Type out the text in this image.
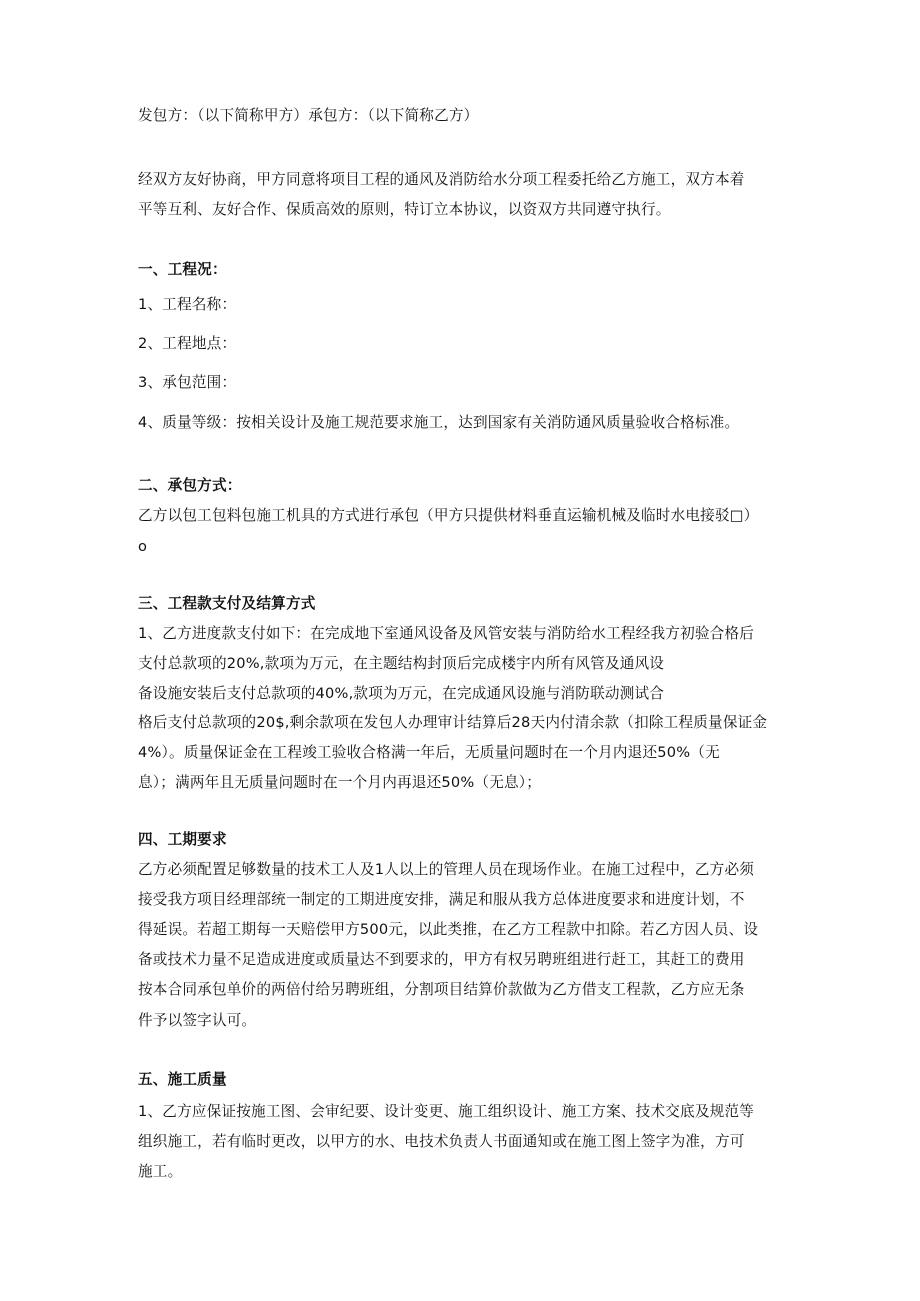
发包方：（以下简称甲方）承包方：（以下简称乙方）
经双方友好协商，甲方同意将项目工程的通风及消防给水分项工程委托给乙方施工，双方本着
平等互利、友好合作、保质高效的原则，特订立本协议，以资双方共同遵守执行。
一、工程况：
1、工程名称：
2、工程地点：
3、承包范围：
4、质量等级：按相关设计及施工规范要求施工，达到国家有关消防通风质量验收合格标准。
二、承包方式：
乙方以包工包料包施工机具的方式进行承包（甲方只提供材料垂直运输机械及临时水电接驳□）
o
三、工程款支付及结算方式
1、乙方进度款支付如下：在完成地下室通风设备及风管安装与消防给水工程经我方初验合格后
支付总款项的20%,款项为万元，在主题结构封顶后完成楼宇内所有风管及通风设
备设施安装后支付总款项的40%,款项为万元，在完成通风设施与消防联动测试合
格后支付总款项的20$,剩余款项在发包人办理审计结算后28天内付清余款（扣除工程质量保证金
4%）。质量保证金在工程竣工验收合格满一年后，无质量问题时在一个月内退还50%（无
息）；满两年且无质量问题时在一个月内再退还50%（无息）；
四、工期要求
乙方必须配置足够数量的技术工人及1人以上的管理人员在现场作业。在施工过程中，乙方必须
接受我方项目经理部统一制定的工期进度安排，满足和服从我方总体进度要求和进度计划，不
得延误。若超工期每一天赔偿甲方500元，以此类推，在乙方工程款中扣除。若乙方因人员、设
备或技术力量不足造成进度或质量达不到要求的，甲方有权另聘班组进行赶工，其赶工的费用
按本合同承包单价的两倍付给另聘班组，分割项目结算价款做为乙方借支工程款，乙方应无条
件予以签字认可。
五、施工质量
1、乙方应保证按施工图、会审纪要、设计变更、施工组织设计、施工方案、技术交底及规范等
组织施工，若有临时更改，以甲方的水、电技术负责人书面通知或在施工图上签字为准，方可
施工。
